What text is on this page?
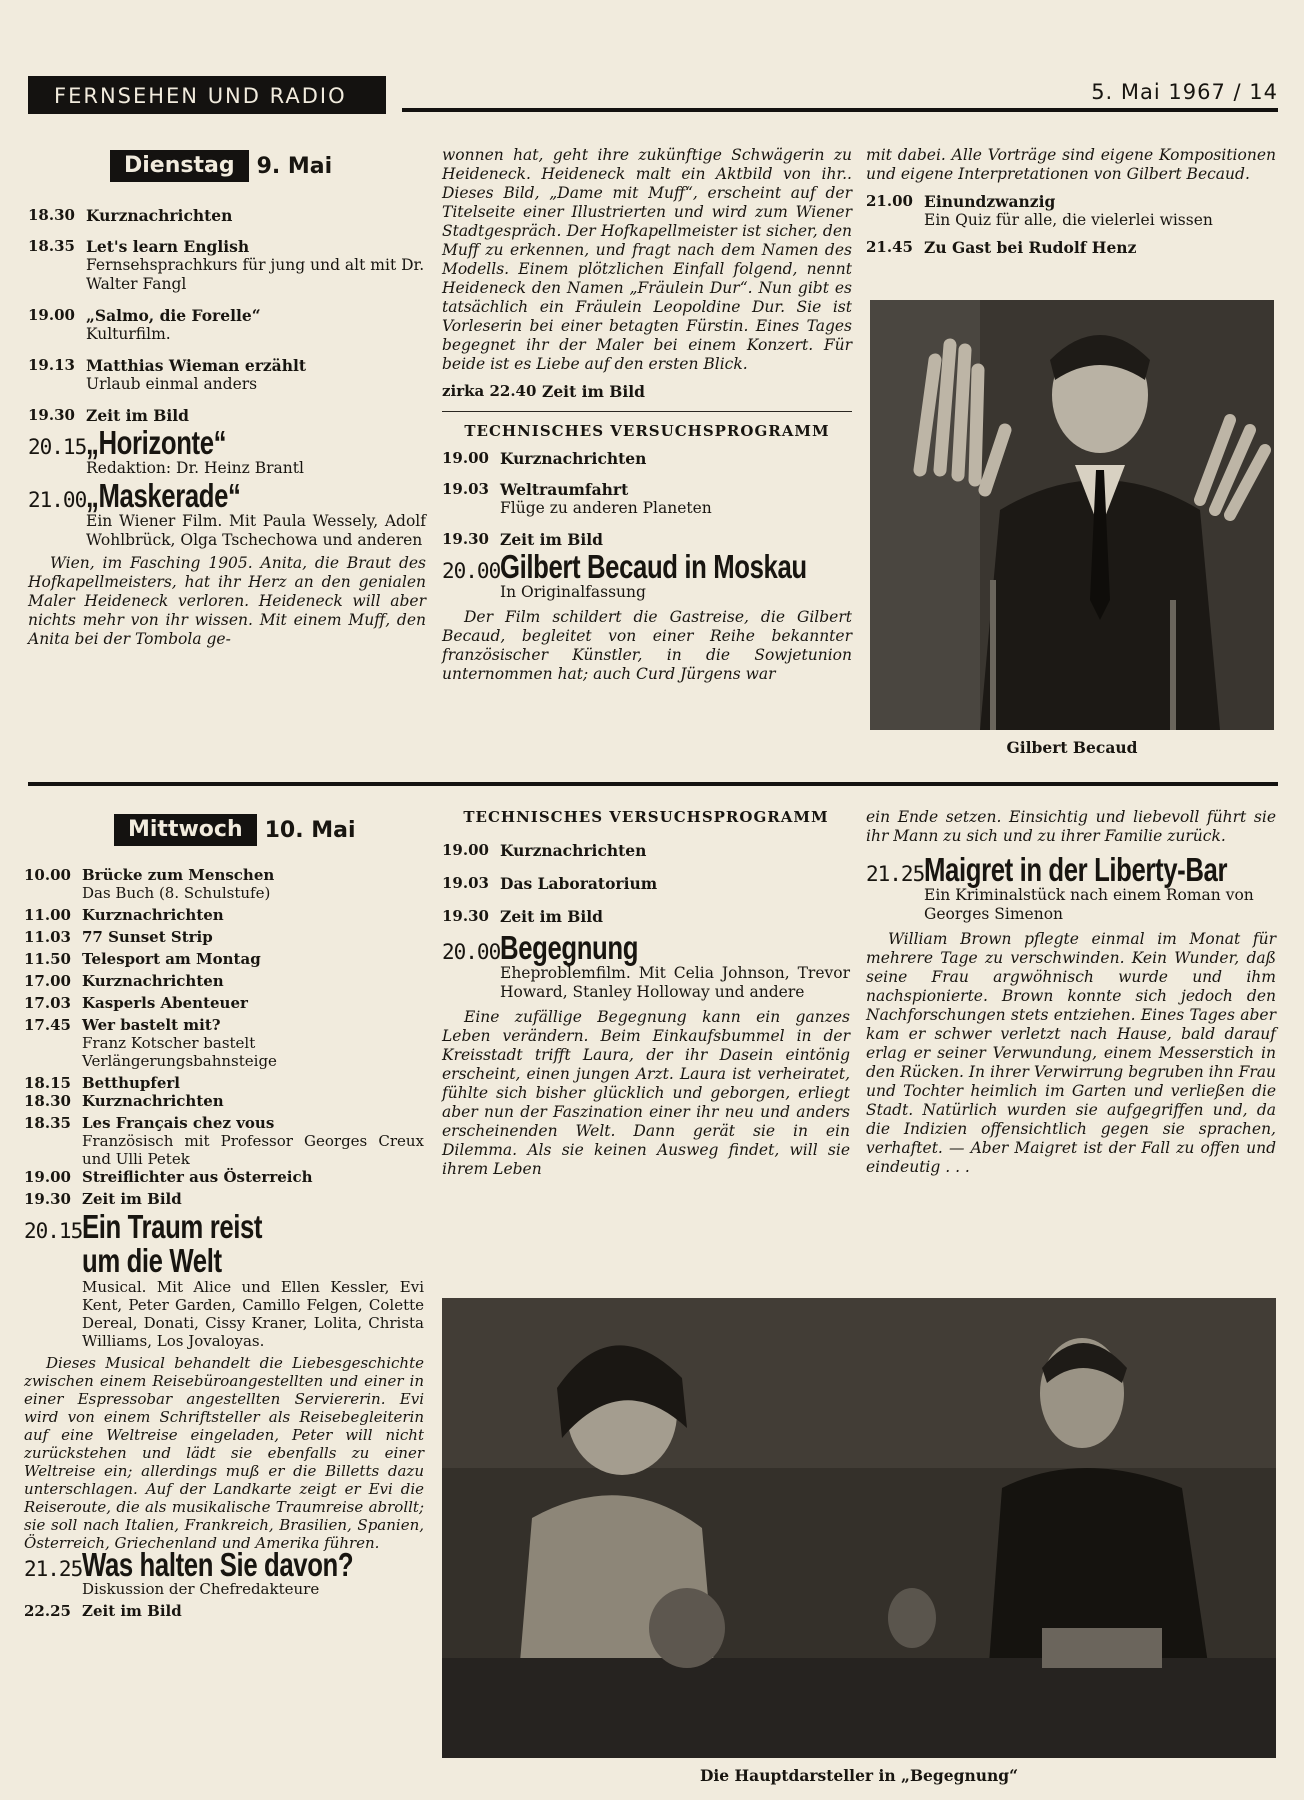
FERNSEHEN UND RADIO	5. Mai 1967 / 14
Dienstag	9. Mai
18.30 Kurznachrichten
18.35 Let's learn English
Fernsehsprachkurs für jung und alt mit Dr. Walter Fangl
19.00 „Salmo, die Forelle“
Kulturfilm.
19.13 Matthias Wieman erzählt
Urlaub einmal anders
19.30 Zeit im Bild
20.15 „Horizonte“
Redaktion: Dr. Heinz Brantl
21.00 „Maskerade“
Ein Wiener Film. Mit Paula Wessely, Adolf Wohlbrück, Olga Tschechowa und anderen
Wien, im Fasching 1905. Anita, die Braut des Hofkapellmeisters, hat ihr Herz an den genialen Maler Heideneck verloren. Heideneck will aber nichts mehr von ihr wissen. Mit einem Muff, den Anita bei der Tombola ge-
wonnen hat, geht ihre zukünftige Schwägerin zu Heideneck. Heideneck malt ein Aktbild von ihr.. Dieses Bild, „Dame mit Muff“, erscheint auf der Titelseite einer Illustrierten und wird zum Wiener Stadtgespräch. Der Hofkapellmeister ist sicher, den Muff zu erkennen, und fragt nach dem Namen des Modells. Einem plötzlichen Einfall folgend, nennt Heideneck den Namen „Fräulein Dur“. Nun gibt es tatsächlich ein Fräulein Leopoldine Dur. Sie ist Vorleserin bei einer betagten Fürstin. Eines Tages begegnet ihr der Maler bei einem Konzert. Für beide ist es Liebe auf den ersten Blick.
zirka 22.40 Zeit im Bild
TECHNISCHES VERSUCHSPROGRAMM
19.00 Kurznachrichten
19.03 Weltraumfahrt
Flüge zu anderen Planeten
19.30 Zeit im Bild
20.00 Gilbert Becaud in Moskau
In Originalfassung
Der Film schildert die Gastreise, die Gilbert Becaud, begleitet von einer Reihe bekannter französischer Künstler, in die Sowjetunion unternommen hat; auch Curd Jürgens war
mit dabei. Alle Vorträge sind eigene Kompositionen und eigene Interpretationen von Gilbert Becaud.
21.00 Einundzwanzig
Ein Quiz für alle, die vielerlei wissen
21.45 Zu Gast bei Rudolf Henz
Gilbert Becaud
Mittwoch	10. Mai
10.00 Brücke zum Menschen
Das Buch (8. Schulstufe)
11.00 Kurznachrichten
11.03 77 Sunset Strip
11.50 Telesport am Montag
17.00 Kurznachrichten
17.03 Kasperls Abenteuer
17.45 Wer bastelt mit?
Franz Kotscher bastelt Verlängerungsbahnsteige
18.15 Betthupferl
18.30 Kurznachrichten
18.35 Les Français chez vous
Französisch mit Professor Georges Creux und Ulli Petek
19.00 Streiflichter aus Österreich
19.30 Zeit im Bild
20.15 Ein Traum reist um die Welt
Musical. Mit Alice und Ellen Kessler, Evi Kent, Peter Garden, Camillo Felgen, Colette Dereal, Donati, Cissy Kraner, Lolita, Christa Williams, Los Jovaloyas.
Dieses Musical behandelt die Liebesgeschichte zwischen einem Reisebüroangestellten und einer in einer Espressobar angestellten Serviererin. Evi wird von einem Schriftsteller als Reisebegleiterin auf eine Weltreise eingeladen, Peter will nicht zurückstehen und lädt sie ebenfalls zu einer Weltreise ein; allerdings muß er die Billetts dazu unterschlagen. Auf der Landkarte zeigt er Evi die Reiseroute, die als musikalische Traumreise abrollt; sie soll nach Italien, Frankreich, Brasilien, Spanien, Österreich, Griechenland und Amerika führen.
21.25 Was halten Sie davon?
Diskussion der Chefredakteure
22.25 Zeit im Bild
TECHNISCHES VERSUCHSPROGRAMM
19.00 Kurznachrichten
19.03 Das Laboratorium
19.30 Zeit im Bild
20.00 Begegnung
Eheproblemfilm. Mit Celia Johnson, Trevor Howard, Stanley Holloway und andere
Eine zufällige Begegnung kann ein ganzes Leben verändern. Beim Einkaufsbummel in der Kreisstadt trifft Laura, der ihr Dasein eintönig erscheint, einen jungen Arzt. Laura ist verheiratet, fühlte sich bisher glücklich und geborgen, erliegt aber nun der Faszination einer ihr neu und anders erscheinenden Welt. Dann gerät sie in ein Dilemma. Als sie keinen Ausweg findet, will sie ihrem Leben
ein Ende setzen. Einsichtig und liebevoll führt sie ihr Mann zu sich und zu ihrer Familie zurück.
21.25 Maigret in der Liberty-Bar
Ein Kriminalstück nach einem Roman von Georges Simenon
William Brown pflegte einmal im Monat für mehrere Tage zu verschwinden. Kein Wunder, daß seine Frau argwöhnisch wurde und ihm nachspionierte. Brown konnte sich jedoch den Nachforschungen stets entziehen. Eines Tages aber kam er schwer verletzt nach Hause, bald darauf erlag er seiner Verwundung, einem Messerstich in den Rücken. In ihrer Verwirrung begruben ihn Frau und Tochter heimlich im Garten und verließen die Stadt. Natürlich wurden sie aufgegriffen und, da die Indizien offensichtlich gegen sie sprachen, verhaftet. — Aber Maigret ist der Fall zu offen und eindeutig . . .
Die Hauptdarsteller in „Begegnung“
